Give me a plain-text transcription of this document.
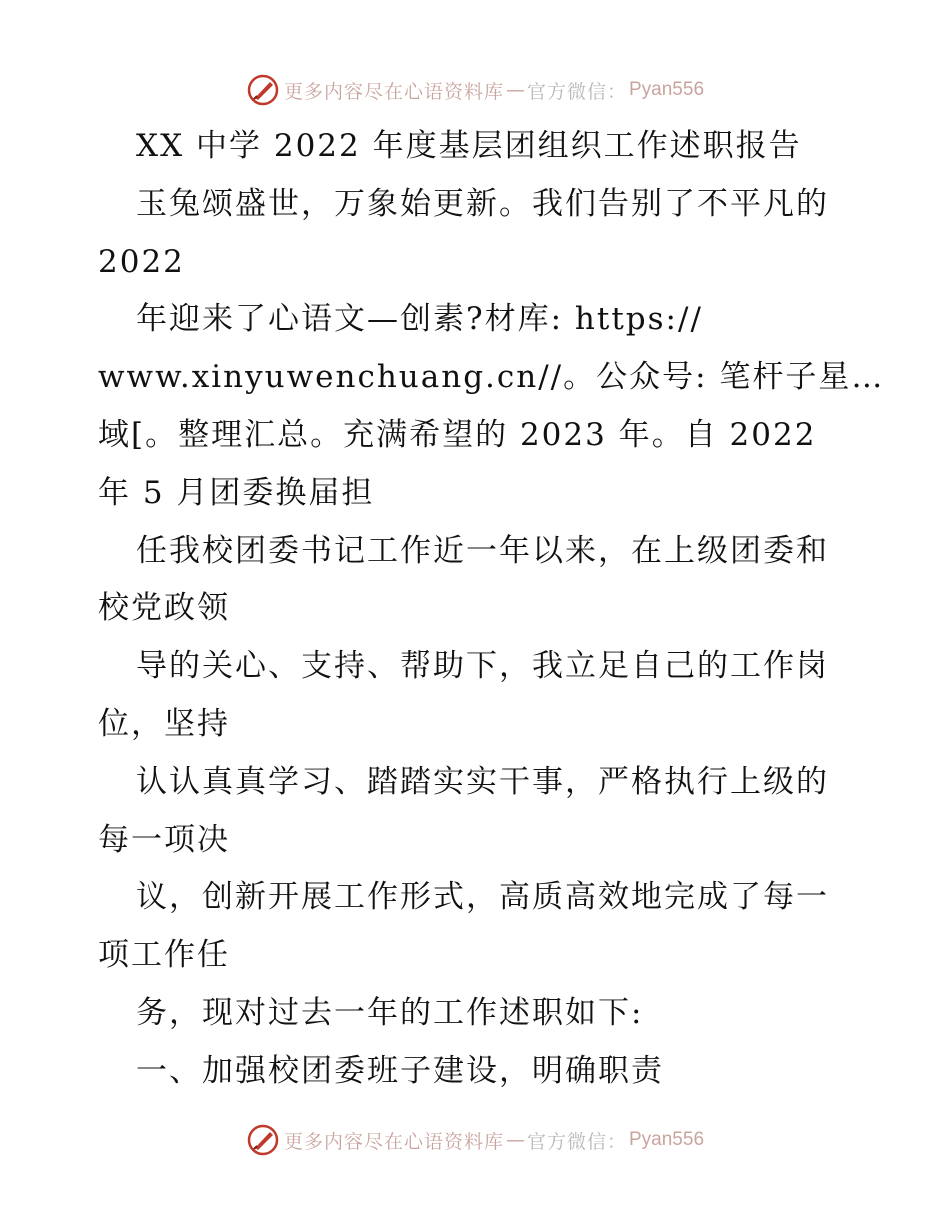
更多内容尽在心语资料库 — 官方微信： Pyan556
XX 中学 2022 年度基层团组织工作述职报告
玉兔颂盛世，万象始更新。我们告别了不平凡的
2022
年迎来了心语文—创素?材库: https://
www.xinyuwenchuang.cn//。公众号: 笔杆子星…
域[。整理汇总。充满希望的 2023 年。自 2022
年 5 月团委换届担
任我校团委书记工作近一年以来，在上级团委和
校党政领
导的关心、支持、帮助下，我立足自己的工作岗
位，坚持
认认真真学习、踏踏实实干事，严格执行上级的
每一项决
议，创新开展工作形式，高质高效地完成了每一
项工作任
务，现对过去一年的工作述职如下:
一、加强校团委班子建设，明确职责
更多内容尽在心语资料库 — 官方微信： Pyan556
